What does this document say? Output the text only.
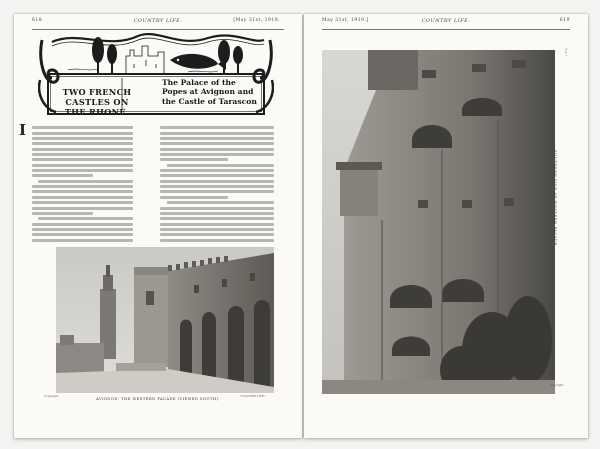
618	COUNTRY LIFE.	[May 31st, 1919.
TWO FRENCH
CASTLES ON
THE RHONE.
The Palace of the
Popes at Avignon and
the Castle of Tarascon
I
Copyright.	"COUNTRY LIFE."
AVIGNON: THE WESTERN FACADE (VIEWED SOUTH).
May 31st, 1919.]	COUNTRY LIFE.	619
Copyright.
SOUTHERN SIDE OF WESTERN FACADE.
"C.L."
